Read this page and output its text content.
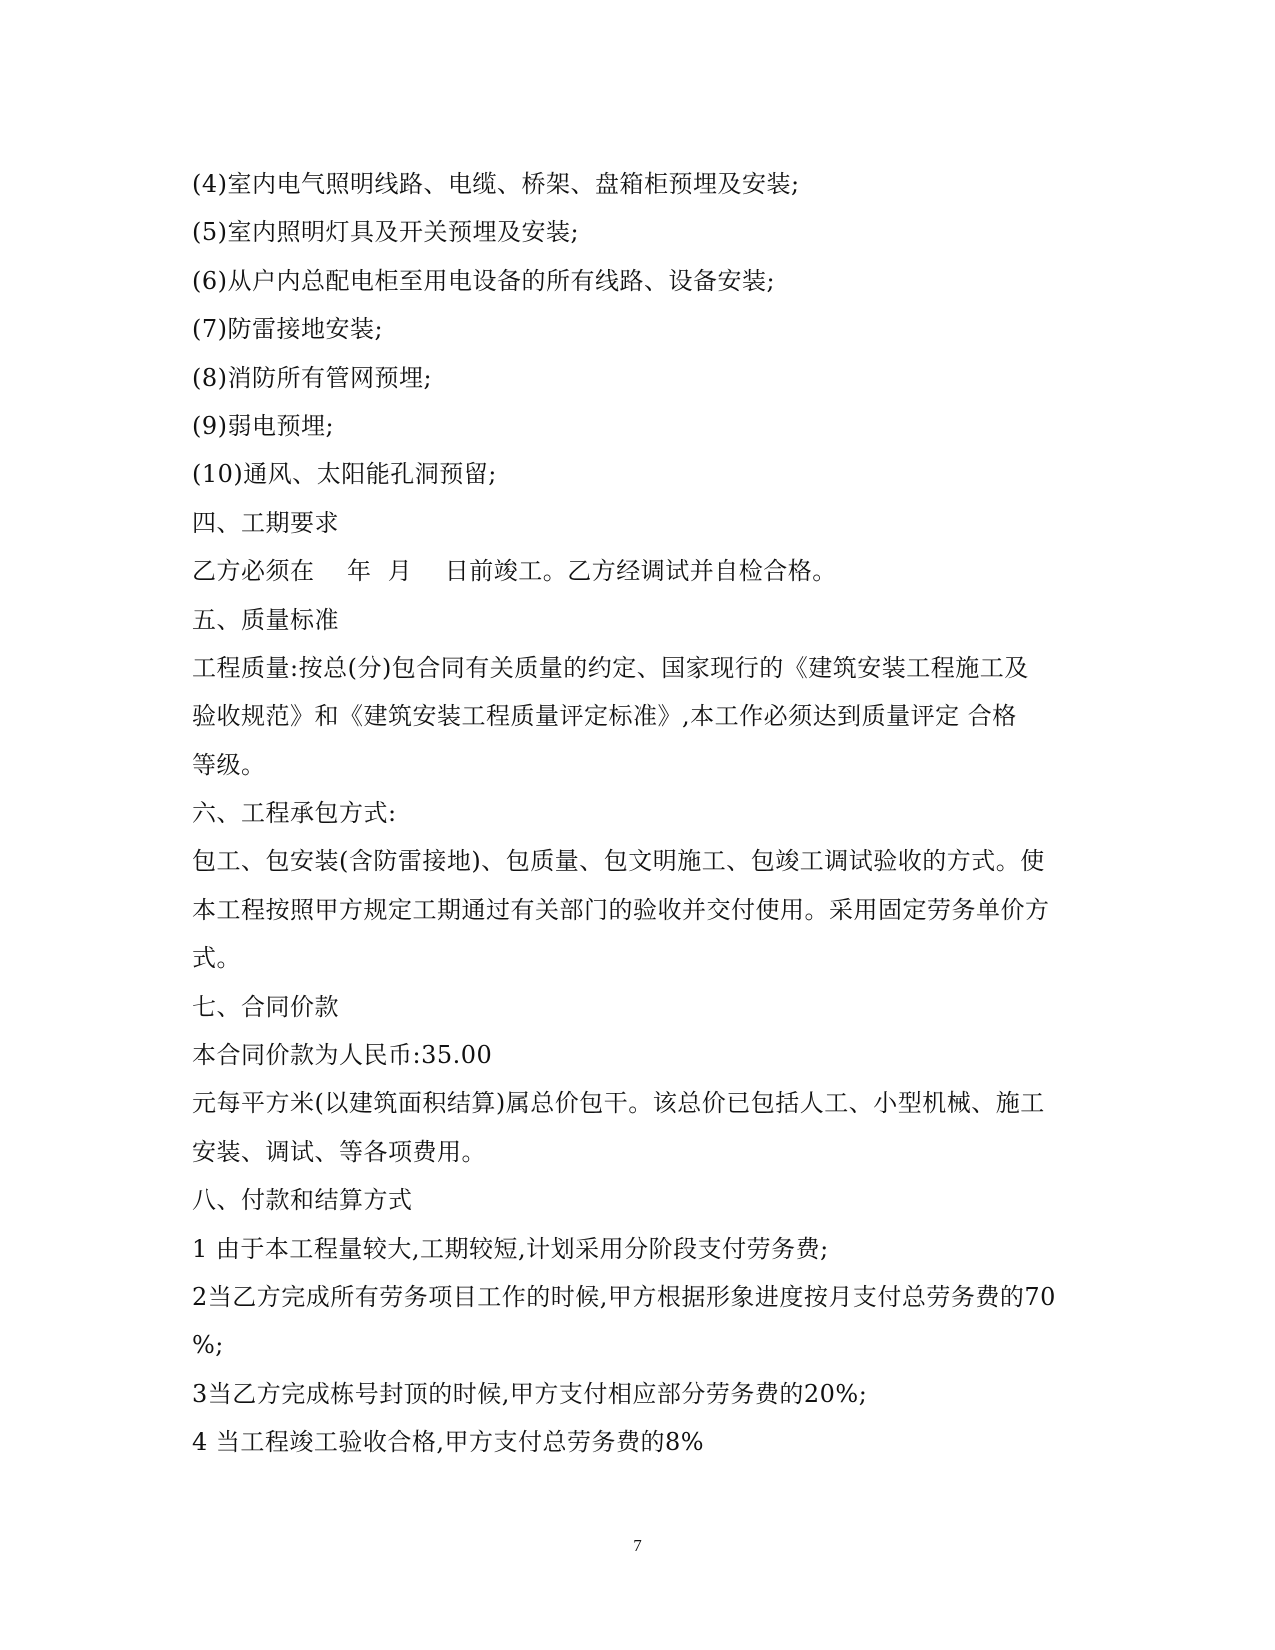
(4)室内电气照明线路、电缆、桥架、盘箱柜预埋及安装;
(5)室内照明灯具及开关预埋及安装;
(6)从户内总配电柜至用电设备的所有线路、设备安装;
(7)防雷接地安装;
(8)消防所有管网预埋;
(9)弱电预埋;
(10)通风、太阳能孔洞预留;
四、工期要求
乙方必须在    年  月    日前竣工。乙方经调试并自检合格。
五、质量标准
工程质量:按总(分)包合同有关质量的约定、国家现行的《建筑安装工程施工及
验收规范》和《建筑安装工程质量评定标准》,本工作必须达到质量评定 合格
等级。
六、工程承包方式:
包工、包安装(含防雷接地)、包质量、包文明施工、包竣工调试验收的方式。使
本工程按照甲方规定工期通过有关部门的验收并交付使用。采用固定劳务单价方
式。
七、合同价款
本合同价款为人民币:35.00
元每平方米(以建筑面积结算)属总价包干。该总价已包括人工、小型机械、施工
安装、调试、等各项费用。
八、付款和结算方式
1 由于本工程量较大,工期较短,计划采用分阶段支付劳务费;
2当乙方完成所有劳务项目工作的时候,甲方根据形象进度按月支付总劳务费的70
%;
3当乙方完成栋号封顶的时候,甲方支付相应部分劳务费的20%;
4 当工程竣工验收合格,甲方支付总劳务费的8%
7
